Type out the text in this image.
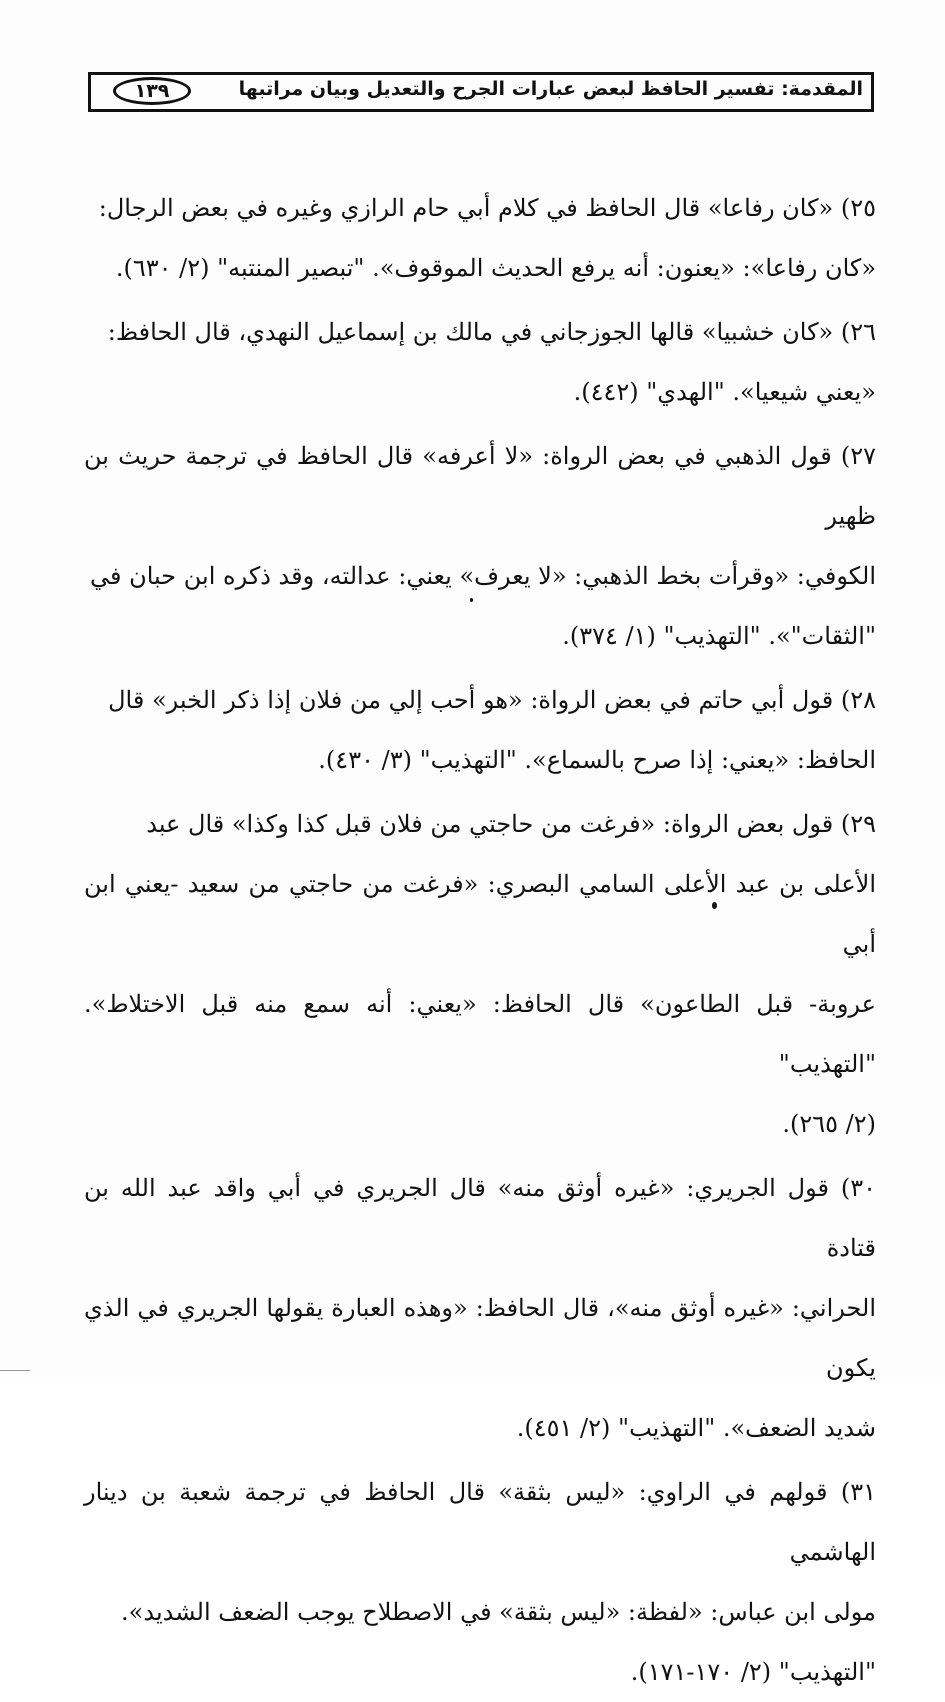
المقدمة: تفسير الحافظ لبعض عبارات الجرح والتعديل وبيان مراتبها
١٣٩

٢٥) «كان رفاعا» قال الحافظ في كلام أبي حام الرازي وغيره في بعض الرجال:

«كان رفاعا»: «يعنون: أنه يرفع الحديث الموقوف». "تبصير المنتبه" (٢/ ٦٣٠).

٢٦) «كان خشبيا» قالها الجوزجاني في مالك بن إسماعيل النهدي، قال الحافظ:

«يعني شيعيا». "الهدي" (٤٤٢).

٢٧) قول الذهبي في بعض الرواة: «لا أعرفه» قال الحافظ في ترجمة حريث بن ظهير

الكوفي: «وقرأت بخط الذهبي: «لا يعرف» يعني: عدالته، وقد ذكره ابن حبان في

"الثقات"». "التهذيب" (١/ ٣٧٤).

٢٨) قول أبي حاتم في بعض الرواة: «هو أحب إلي من فلان إذا ذكر الخبر» قال

الحافظ: «يعني: إذا صرح بالسماع». "التهذيب" (٣/ ٤٣٠).

٢٩) قول بعض الرواة: «فرغت من حاجتي من فلان قبل كذا وكذا» قال عبد

الأعلى بن عبد الأعلى السامي البصري: «فرغت من حاجتي من سعيد -يعني ابن أبي

عروبة- قبل الطاعون» قال الحافظ: «يعني: أنه سمع منه قبل الاختلاط». "التهذيب"

(٢/ ٢٦٥).

٣٠) قول الجريري: «غيره أوثق منه» قال الجريري في أبي واقد عبد الله بن قتادة

الحراني: «غيره أوثق منه»، قال الحافظ: «وهذه العبارة يقولها الجريري في الذي يكون

شديد الضعف». "التهذيب" (٢/ ٤٥١).

٣١) قولهم في الراوي: «ليس بثقة» قال الحافظ في ترجمة شعبة بن دينار الهاشمي

مولى ابن عباس: «لفظة: «ليس بثقة» في الاصطلاح يوجب الضعف الشديد».

"التهذيب" (٢/ ١٧٠-١٧١).
